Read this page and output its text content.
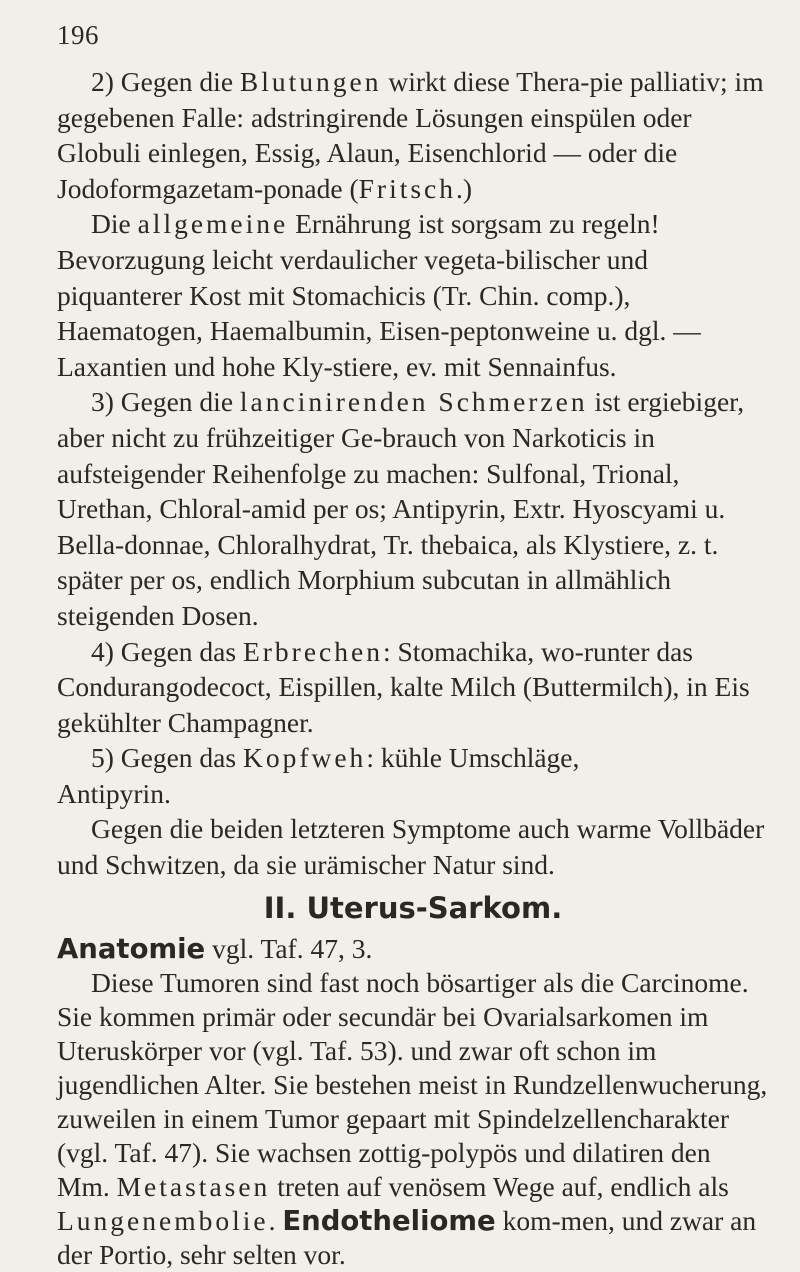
196

2) Gegen die Blutungen wirkt diese Thera-pie palliativ; im gegebenen Falle: adstringirende Lösungen einspülen oder Globuli einlegen, Essig, Alaun, Eisenchlorid — oder die Jodoformgazetam-ponade (Fritsch.)

Die allgemeine Ernährung ist sorgsam zu regeln! Bevorzugung leicht verdaulicher vegeta-bilischer und piquanterer Kost mit Stomachicis (Tr. Chin. comp.), Haematogen, Haemalbumin, Eisen-peptonweine u. dgl. — Laxantien und hohe Kly-stiere, ev. mit Sennainfus.

3) Gegen die lancinirenden Schmerzen ist ergiebiger, aber nicht zu frühzeitiger Ge-brauch von Narkoticis in aufsteigender Reihenfolge zu machen: Sulfonal, Trional, Urethan, Chloral-amid per os; Antipyrin, Extr. Hyoscyami u. Bella-donnae, Chloralhydrat, Tr. thebaica, als Klystiere, z. t. später per os, endlich Morphium subcutan in allmählich steigenden Dosen.

4) Gegen das Erbrechen: Stomachika, wo-runter das Condurangodecoct, Eispillen, kalte Milch (Buttermilch), in Eis gekühlter Champagner.

5) Gegen das Kopfweh: kühle Umschläge,

Antipyrin.

Gegen die beiden letzteren Symptome auch warme Vollbäder und Schwitzen, da sie urämischer Natur sind.

II. Uterus-Sarkom.

Anatomie vgl. Taf. 47, 3.

Diese Tumoren sind fast noch bösartiger als die Carcinome. Sie kommen primär oder secundär bei Ovarialsarkomen im Uteruskörper vor (vgl. Taf. 53). und zwar oft schon im jugendlichen Alter. Sie bestehen meist in Rundzellenwucherung, zuweilen in einem Tumor gepaart mit Spindelzellencharakter (vgl. Taf. 47). Sie wachsen zottig-polypös und dilatiren den Mm. Metastasen treten auf venösem Wege auf, endlich als Lungenembolie. Endotheliome kom-men, und zwar an der Portio, sehr selten vor.
